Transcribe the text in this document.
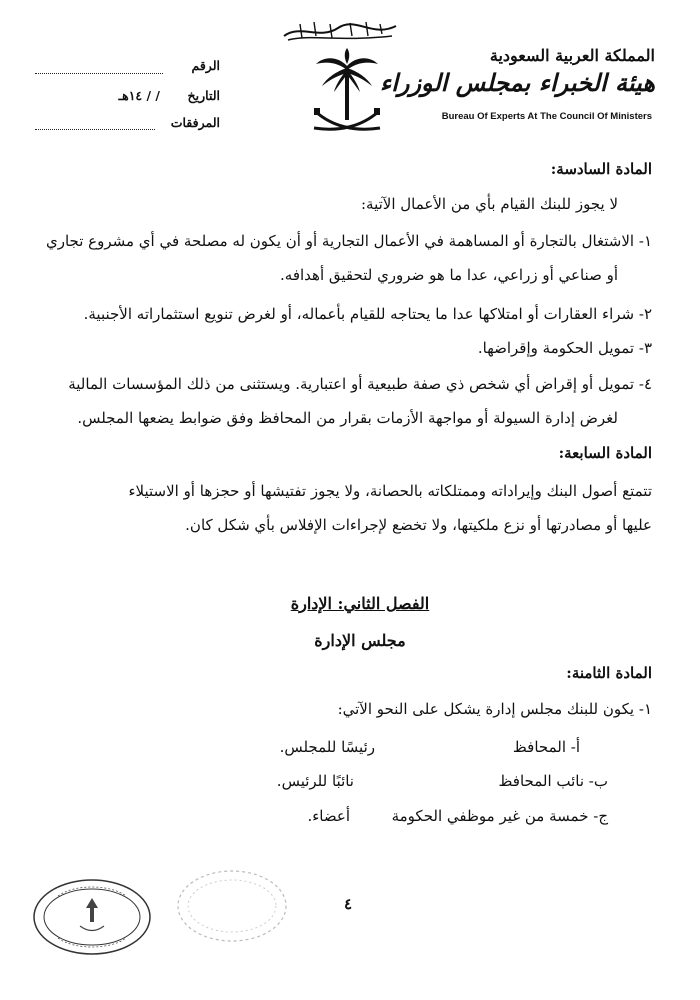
المملكة العربية السعودية
هيئة الخبراء بمجلس الوزراء
Bureau Of Experts At The Council Of Ministers
الرقم
التاريخ
/ / ١٤هـ
المرفقات
المادة السادسة:
لا يجوز للبنك القيام بأي من الأعمال الآتية:
١- الاشتغال بالتجارة أو المساهمة في الأعمال التجارية أو أن يكون له مصلحة في أي مشروع تجاري
أو صناعي أو زراعي، عدا ما هو ضروري لتحقيق أهدافه.
٢- شراء العقارات أو امتلاكها عدا ما يحتاجه للقيام بأعماله، أو لغرض تنويع استثماراته الأجنبية.
٣- تمويل الحكومة وإقراضها.
٤- تمويل أو إقراض أي شخص ذي صفة طبيعية أو اعتبارية. ويستثنى من ذلك المؤسسات المالية
لغرض إدارة السيولة أو مواجهة الأزمات بقرار من المحافظ وفق ضوابط يضعها المجلس.
المادة السابعة:
تتمتع أصول البنك وإيراداته وممتلكاته بالحصانة، ولا يجوز تفتيشها أو حجزها أو الاستيلاء
عليها أو مصادرتها أو نزع ملكيتها، ولا تخضع لإجراءات الإفلاس بأي شكل كان.
الفصل الثاني: الإدارة
مجلس الإدارة
المادة الثامنة:
١- يكون للبنك مجلس إدارة يشكل على النحو الآتي:
أ- المحافظ
رئيسًا للمجلس.
ب- نائب المحافظ
نائبًا للرئيس.
ج- خمسة من غير موظفي الحكومة
أعضاء.
٤
